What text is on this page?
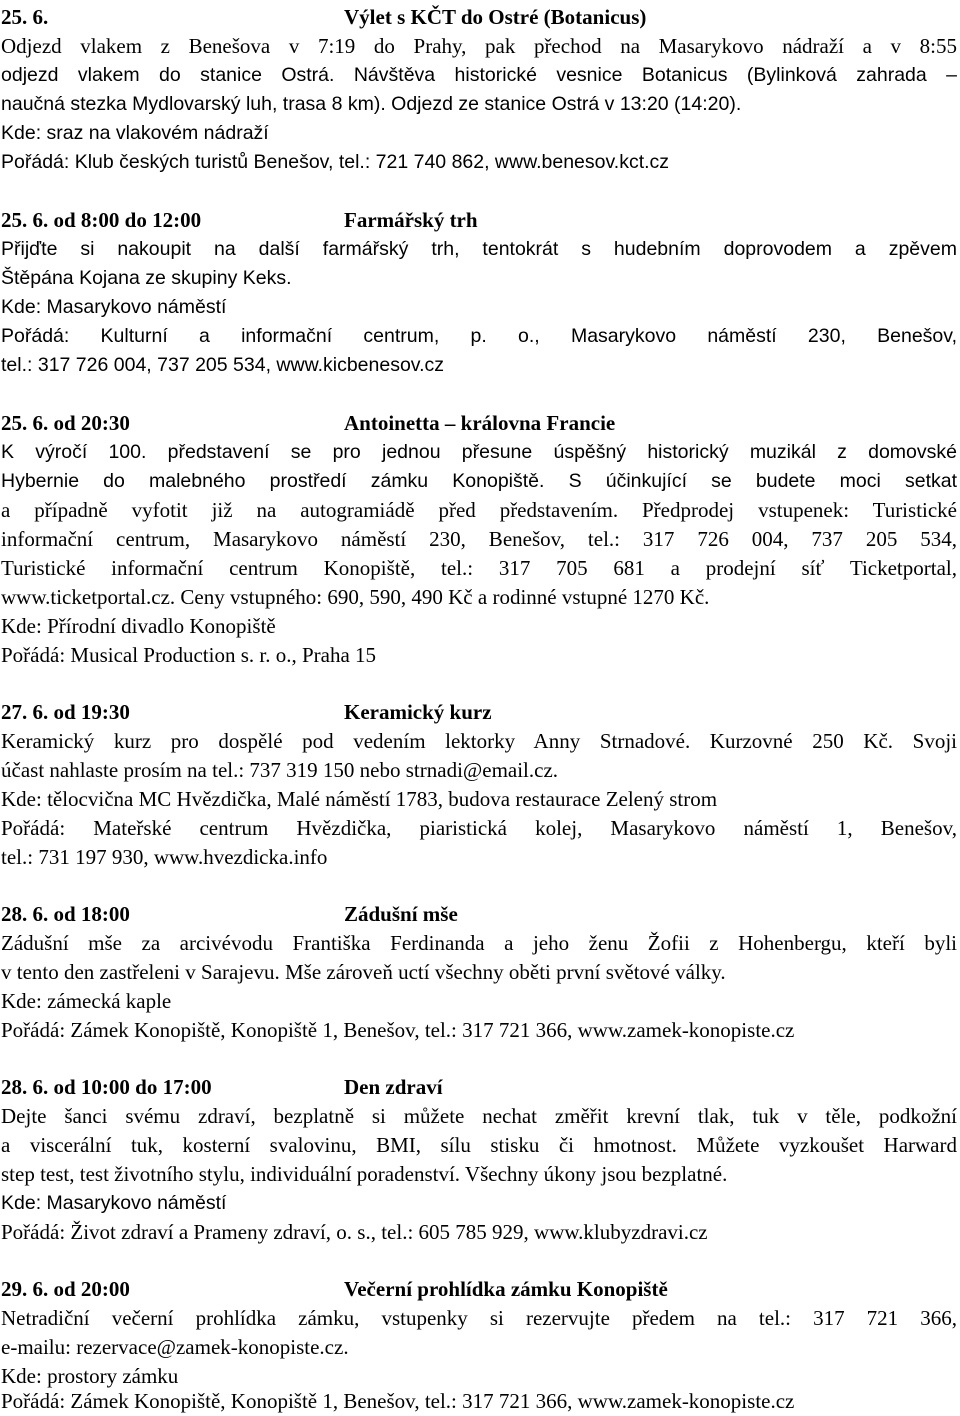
25. 6.	Výlet s KČT do Ostré (Botanicus)
Odjezd vlakem z Benešova v 7:19 do Prahy, pak přechod na Masarykovo nádraží a v 8:55
odjezd vlakem do stanice Ostrá. Návštěva historické vesnice Botanicus (Bylinková zahrada –
naučná stezka Mydlovarský luh, trasa 8 km). Odjezd ze stanice Ostrá v 13:20 (14:20).
Kde: sraz na vlakovém nádraží
Pořádá: Klub českých turistů Benešov, tel.: 721 740 862, www.benesov.kct.cz
25. 6. od 8:00 do 12:00	Farmářský trh
Přijďte si nakoupit na další farmářský trh, tentokrát s hudebním doprovodem a zpěvem
Štěpána Kojana ze skupiny Keks.
Kde: Masarykovo náměstí
Pořádá: Kulturní a informační centrum, p. o., Masarykovo náměstí 230, Benešov,
tel.: 317 726 004, 737 205 534, www.kicbenesov.cz
25. 6. od 20:30	Antoinetta – královna Francie
K výročí 100. představení se pro jednou přesune úspěšný historický muzikál z domovské
Hybernie do malebného prostředí zámku Konopiště. S účinkující se budete moci setkat
a případně vyfotit již na autogramiádě před představením. Předprodej vstupenek: Turistické
informační centrum, Masarykovo náměstí 230, Benešov, tel.: 317 726 004, 737 205 534,
Turistické informační centrum Konopiště, tel.: 317 705 681 a prodejní síť Ticketportal,
www.ticketportal.cz. Ceny vstupného: 690, 590, 490 Kč a rodinné vstupné 1270 Kč.
Kde: Přírodní divadlo Konopiště
Pořádá: Musical Production s. r. o., Praha 15
27. 6. od 19:30	Keramický kurz
Keramický kurz pro dospělé pod vedením lektorky Anny Strnadové. Kurzovné 250 Kč. Svoji
účast nahlaste prosím na tel.: 737 319 150 nebo strnadi@email.cz.
Kde: tělocvična MC Hvězdička, Malé náměstí 1783, budova restaurace Zelený strom
Pořádá: Mateřské centrum Hvězdička, piaristická kolej, Masarykovo náměstí 1, Benešov,
tel.: 731 197 930, www.hvezdicka.info
28. 6. od 18:00	Zádušní mše
Zádušní mše za arcivévodu Františka Ferdinanda a jeho ženu Žofii z Hohenbergu, kteří byli
v tento den zastřeleni v Sarajevu. Mše zároveň uctí všechny oběti první světové války.
Kde: zámecká kaple
Pořádá: Zámek Konopiště, Konopiště 1, Benešov, tel.: 317 721 366, www.zamek-konopiste.cz
28. 6. od 10:00 do 17:00	Den zdraví
Dejte šanci svému zdraví, bezplatně si můžete nechat změřit krevní tlak, tuk v těle, podkožní
a viscerální tuk, kosterní svalovinu, BMI, sílu stisku či hmotnost. Můžete vyzkoušet Harward
step test, test životního stylu, individuální poradenství. Všechny úkony jsou bezplatné.
Kde: Masarykovo náměstí
Pořádá: Život zdraví a Prameny zdraví, o. s., tel.: 605 785 929, www.klubyzdravi.cz
29. 6. od 20:00	Večerní prohlídka zámku Konopiště
Netradiční večerní prohlídka zámku, vstupenky si rezervujte předem na tel.: 317 721 366,
e-mailu: rezervace@zamek-konopiste.cz.
Kde: prostory zámku
Pořádá: Zámek Konopiště, Konopiště 1, Benešov, tel.: 317 721 366, www.zamek-konopiste.cz
